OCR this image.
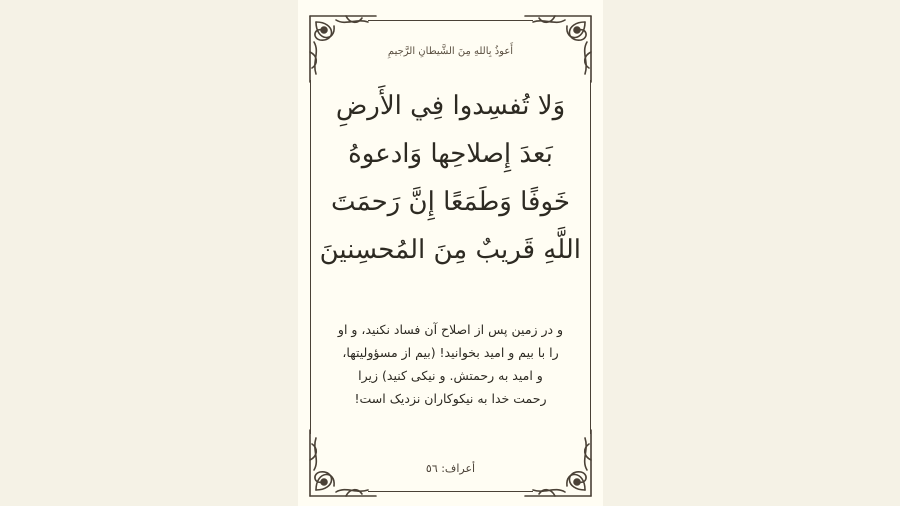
أَعوذُ بِاللهِ مِنَ الشَّيطانِ الرَّجيمِ
وَلا تُفسِدوا فِي الأَرضِ
بَعدَ إِصلاحِها وَادعوهُ
خَوفًا وَطَمَعًا إِنَّ رَحمَتَ
اللَّهِ قَريبٌ مِنَ المُحسِنينَ
و در زمین پس از اصلاح آن فساد نکنید، و او
را با بیم و امید بخوانید! (بیم از مسؤولیتها،
و امید به رحمتش. و نیکی کنید) زیرا
رحمت خدا به نیکوکاران نزدیک است!
أعراف: ٥٦
